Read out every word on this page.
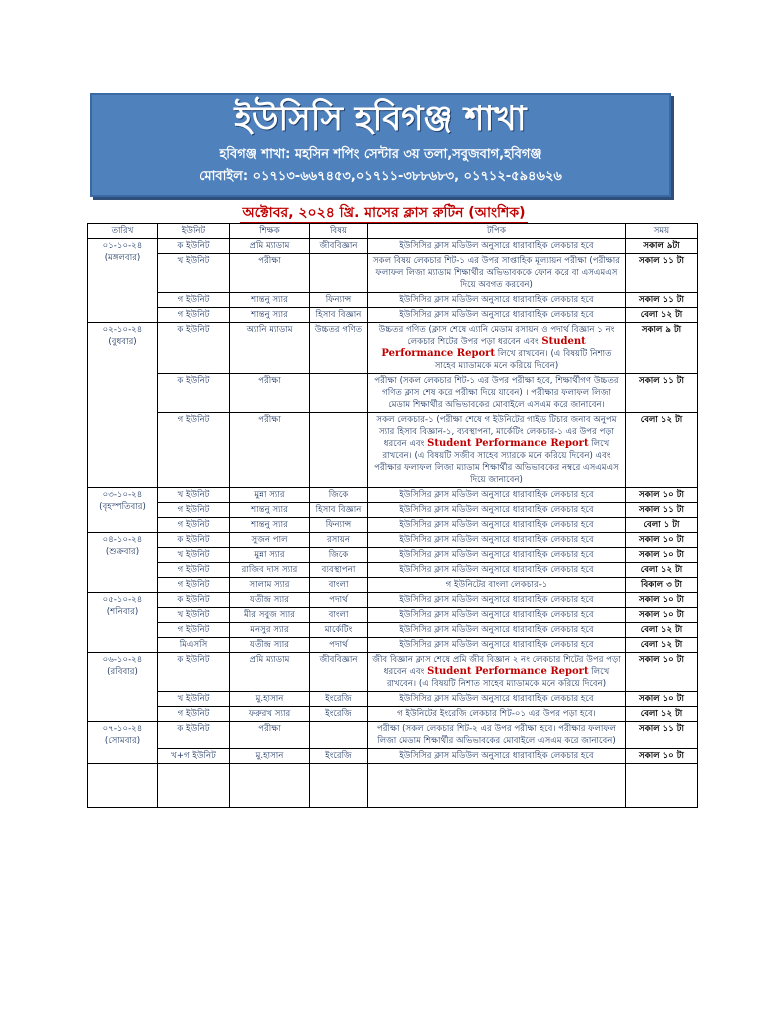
ইউসিসি হবিগঞ্জ শাখা
হবিগঞ্জ শাখা: মহসিন শপিং সেন্টার ৩য় তলা,সবুজবাগ,হবিগঞ্জ
মোবাইল: ০১৭১৩-৬৬৭৪৫৩,০১৭১১-৩৮৮৬৮৩, ০১৭১২-৫৯৪৬২৬
অক্টোবর, ২০২৪ খ্রি. মাসের ক্লাস রুটিন (আংশিক)
তারিখ	ইউনিট	শিক্ষক	বিষয়	টপিক	সময়

০১-১০-২৪
(মঙ্গলবার)	ক ইউনিট	প্রমি ম্যাডাম	জীববিজ্ঞান	ইউসিসির ক্লাস মডিউল অনুসারে ধারাবাহিক লেকচার হবে	সকাল ৯টা
	খ ইউনিট	পরীক্ষা		সকল বিষয় লেকচার শিট-১ এর উপর সাপ্তাহিক মূল্যায়ন পরীক্ষা (পরীক্ষার ফলাফল লিজা ম্যাডাম শিক্ষার্থীর অভিভাবককে ফোন করে বা এসএমএস দিয়ে অবগত করবেন)	সকাল ১১ টা
	গ ইউনিট	শান্তনু স্যার	ফিন্যান্স	ইউসিসির ক্লাস মডিউল অনুসারে ধারাবাহিক লেকচার হবে	সকাল ১১ টা
	গ ইউনিট	শান্তনু স্যার	হিসাব বিজ্ঞান	ইউসিসির ক্লাস মডিউল অনুসারে ধারাবাহিক লেকচার হবে	বেলা ১২ টা

০২-১০-২৪
(বুধবার)	ক ইউনিট	অ্যানি ম্যাডাম	উচ্চতর গণিত	উচ্চতর গণিত (ক্লাস শেষে এ্যানি মেডাম রসায়ন ও পদার্থ বিজ্ঞান ১ নং লেকচার শিটের উপর পড়া ধরবেন এবং Student Performance Report লিখে রাখবেন। (এ বিষয়টি নিশাত সাহেব ম্যাডামকে মনে করিয়ে দিবেন)	সকাল ৯ টা
	ক ইউনিট	পরীক্ষা		পরীক্ষা (সকল লেকচার শিট-১ এর উপর পরীক্ষা হবে, শিক্ষার্থীগণ উচ্চতর গণিত ক্লাস শেষ করে পরীক্ষা দিয়ে যাবেন) । পরীক্ষার ফলাফল লিজা মেডাম শিক্ষার্থীর অভিভাবকের মোবাইলে এসএম করে জানাবেন।	সকাল ১১ টা
	গ ইউনিট	পরীক্ষা		সকল লেকচার-১ (পরীক্ষা শেষে গ ইউনিটের গাইড টিচার জনাব অনুপম স্যার হিসাব বিজ্ঞান-১, ব্যবস্থাপনা, মার্কেটিং লেকচার-১ এর উপর পড়া ধরবেন এবং Student Performance Report লিখে রাখবেন। (এ বিষয়টি সজীব সাহেব স্যারকে মনে করিয়ে দিবেন) এবং পরীক্ষার ফলাফল লিজা ম্যাডাম শিক্ষার্থীর অভিভাবকের নম্বরে এসএমএস দিয়ে জানাবেন)	বেলা ১২ টা

০৩-১০-২৪
(বৃহস্পতিবার)	খ ইউনিট	মুন্না স্যার	জিকে	ইউসিসির ক্লাস মডিউল অনুসারে ধারাবাহিক লেকচার হবে	সকাল ১০ টা
	গ ইউনিট	শান্তনু স্যার	হিসাব বিজ্ঞান	ইউসিসির ক্লাস মডিউল অনুসারে ধারাবাহিক লেকচার হবে	সকাল ১১ টা
	গ ইউনিট	শান্তনু স্যার	ফিন্যান্স	ইউসিসির ক্লাস মডিউল অনুসারে ধারাবাহিক লেকচার হবে	বেলা ১ টা

০৪-১০-২৪
(শুক্রবার)	ক ইউনিট	সুজন পাল	রসায়ন	ইউসিসির ক্লাস মডিউল অনুসারে ধারাবাহিক লেকচার হবে	সকাল ১০ টা
	খ ইউনিট	মুন্না স্যার	জিকে	ইউসিসির ক্লাস মডিউল অনুসারে ধারাবাহিক লেকচার হবে	সকাল ১০ টা
	গ ইউনিট	রাজিব দাস স্যার	ব্যবস্থাপনা	ইউসিসির ক্লাস মডিউল অনুসারে ধারাবাহিক লেকচার হবে	বেলা ১২ টা
	গ ইউনিট	সালাম স্যার	বাংলা	গ ইউনিটের বাংলা লেকচার-১	বিকাল ৩ টা

০৫-১০-২৪
(শনিবার)	ক ইউনিট	যতীন্দ্র স্যার	পদার্থ	ইউসিসির ক্লাস মডিউল অনুসারে ধারাবাহিক লেকচার হবে	সকাল ১০ টা
	খ ইউনিট	মীর সবুজ স্যার	বাংলা	ইউসিসির ক্লাস মডিউল অনুসারে ধারাবাহিক লেকচার হবে	সকাল ১০ টা
	গ ইউনিট	মনসুর স্যার	মার্কেটিং	ইউসিসির ক্লাস মডিউল অনুসারে ধারাবাহিক লেকচার হবে	বেলা ১২ টা
	মিএসসি	যতীন্দ্র স্যার	পদার্থ	ইউসিসির ক্লাস মডিউল অনুসারে ধারাবাহিক লেকচার হবে	বেলা ১২ টা

০৬-১০-২৪
(রবিবার)	ক ইউনিট	প্রমি ম্যাডাম	জীববিজ্ঞান	জীব বিজ্ঞান ক্লাস শেষে প্রমি জীব বিজ্ঞান ২ নং লেকচার শিটের উপর পড়া ধরবেন এবং Student Performance Report লিখে রাখবেন। (এ বিষয়টি নিশাত সাহেব ম্যাডামকে মনে করিয়ে দিবেন)	সকাল ১০ টা
	খ ইউনিট	মু.হাসান	ইংরেজি	ইউসিসির ক্লাস মডিউল অনুসারে ধারাবাহিক লেকচার হবে	সকাল ১০ টা
	গ ইউনিট	ফরুরখ স্যার	ইংরেজি	গ ইউনিটের ইংরেজি লেকচার শিট-০১ এর উপর পড়া হবে।	বেলা ১২ টা

০৭-১০-২৪
(সোমবার)	ক ইউনিট	পরীক্ষা		পরীক্ষা (সকল লেকচার শিট-২ এর উপর পরীক্ষা হবে। পরীক্ষার ফলাফল লিজা মেডাম শিক্ষার্থীর অভিভাবকের মোবাইলে এসএম করে জানাবেন)	সকাল ১১ টা
	খ+গ ইউনিট	মু.হাসান	ইংরেজি	ইউসিসির ক্লাস মডিউল অনুসারে ধারাবাহিক লেকচার হবে	সকাল ১০ টা
